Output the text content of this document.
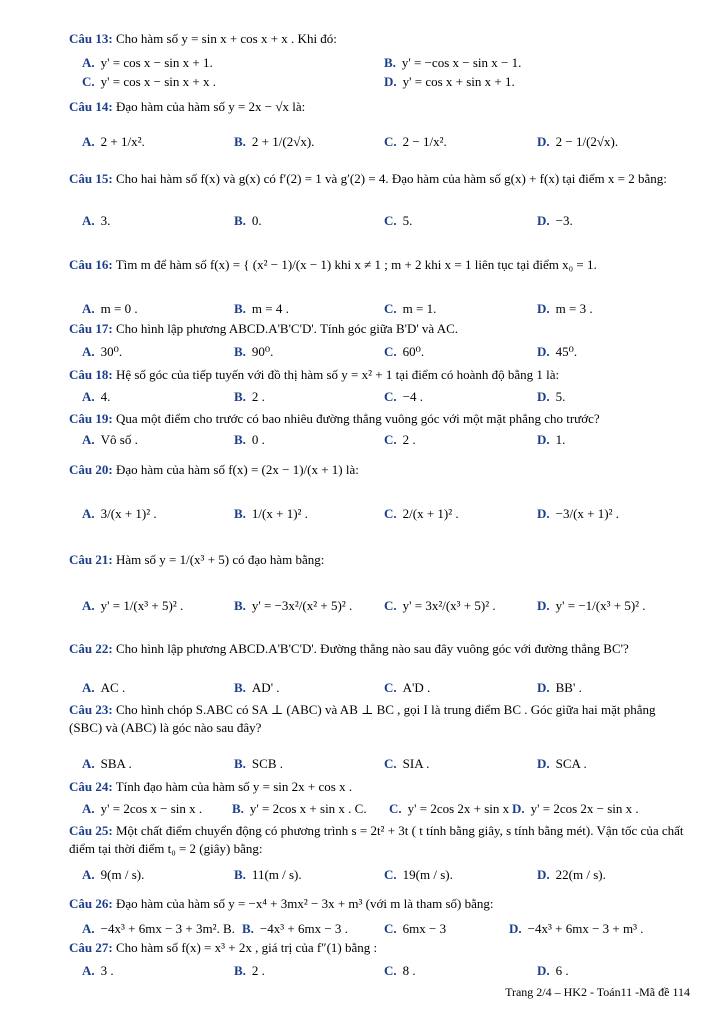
Câu 13: Cho hàm số y = sin x + cos x + x . Khi đó:
A. y' = cos x − sin x + 1.	B. y' = −cos x − sin x − 1.
C. y' = cos x − sin x + x .	D. y' = cos x + sin x + 1.
Câu 14: Đạo hàm của hàm số y = 2x − √x là:
A. 2 + 1/x².	B. 2 + 1/(2√x).	C. 2 − 1/x².	D. 2 − 1/(2√x).
Câu 15: Cho hai hàm số f(x) và g(x) có f′(2) = 1 và g′(2) = 4. Đạo hàm của hàm số g(x) + f(x) tại điểm x = 2 bằng:
A. 3.	B. 0.	C. 5.	D. −3.
Câu 16: Tìm m để hàm số f(x) = { (x² − 1)/(x − 1) khi x ≠ 1 ; m + 2 khi x = 1 liên tục tại điểm x₀ = 1.
A. m = 0 .	B. m = 4 .	C. m = 1.	D. m = 3 .
Câu 17: Cho hình lập phương ABCD.A'B'C'D'. Tính góc giữa B'D' và AC.
A. 30⁰.	B. 90⁰.	C. 60⁰.	D. 45⁰.
Câu 18: Hệ số góc của tiếp tuyến với đồ thị hàm số y = x² + 1 tại điểm có hoành độ bằng 1 là:
A. 4.	B. 2 .	C. −4 .	D. 5.
Câu 19: Qua một điểm cho trước có bao nhiêu đường thẳng vuông góc với một mặt phẳng cho trước?
A. Vô số .	B. 0 .	C. 2 .	D. 1.
Câu 20: Đạo hàm của hàm số f(x) = (2x − 1)/(x + 1) là:
A. 3/(x + 1)² .	B. 1/(x + 1)² .	C. 2/(x + 1)² .	D. −3/(x + 1)² .
Câu 21: Hàm số y = 1/(x³ + 5) có đạo hàm bằng:
A. y' = 1/(x³ + 5)² .	B. y' = −3x²/(x² + 5)² . C. y' = 3x²/(x³ + 5)² .	D. y' = −1/(x³ + 5)² .
Câu 22: Cho hình lập phương ABCD.A'B'C'D'. Đường thẳng nào sau đây vuông góc với đường thẳng BC'?
A. AC .	B. AD' .	C. A'D .	D. BB' .
Câu 23: Cho hình chóp S.ABC có SA ⊥ (ABC) và AB ⊥ BC , gọi I là trung điểm BC . Góc giữa hai mặt phẳng (SBC) và (ABC) là góc nào sau đây?
A. SBA .	B. SCB .	C. SIA .	D. SCA .
Câu 24: Tính đạo hàm của hàm số y = sin 2x + cos x .
A. y' = 2cos x − sin x . B. y' = 2cos x + sin x . C. C. y' = 2cos 2x + sin x .
D. y' = 2cos 2x − sin x .
Câu 25: Một chất điểm chuyển động có phương trình s = 2t² + 3t ( t tính bằng giây, s tính bằng mét). Vận tốc của chất điểm tại thời điểm t₀ = 2 (giây) bằng:
A. 9(m / s).	B. 11(m / s).	C. 19(m / s).	D. 22(m / s).
Câu 26: Đạo hàm của hàm số y = −x⁴ + 3mx² − 3x + m³ (với m là tham số) bằng:
A. −4x³ + 6mx − 3 + 3m². B. B. −4x³ + 6mx − 3 .	C. 6mx − 3	D. −4x³ + 6mx − 3 + m³ .
Câu 27: Cho hàm số f(x) = x³ + 2x , giá trị của f″(1) bằng :
A. 3 .	B. 2 .	C. 8 .	D. 6 .
Trang 2/4 – HK2 - Toán11 -Mã đề 114
